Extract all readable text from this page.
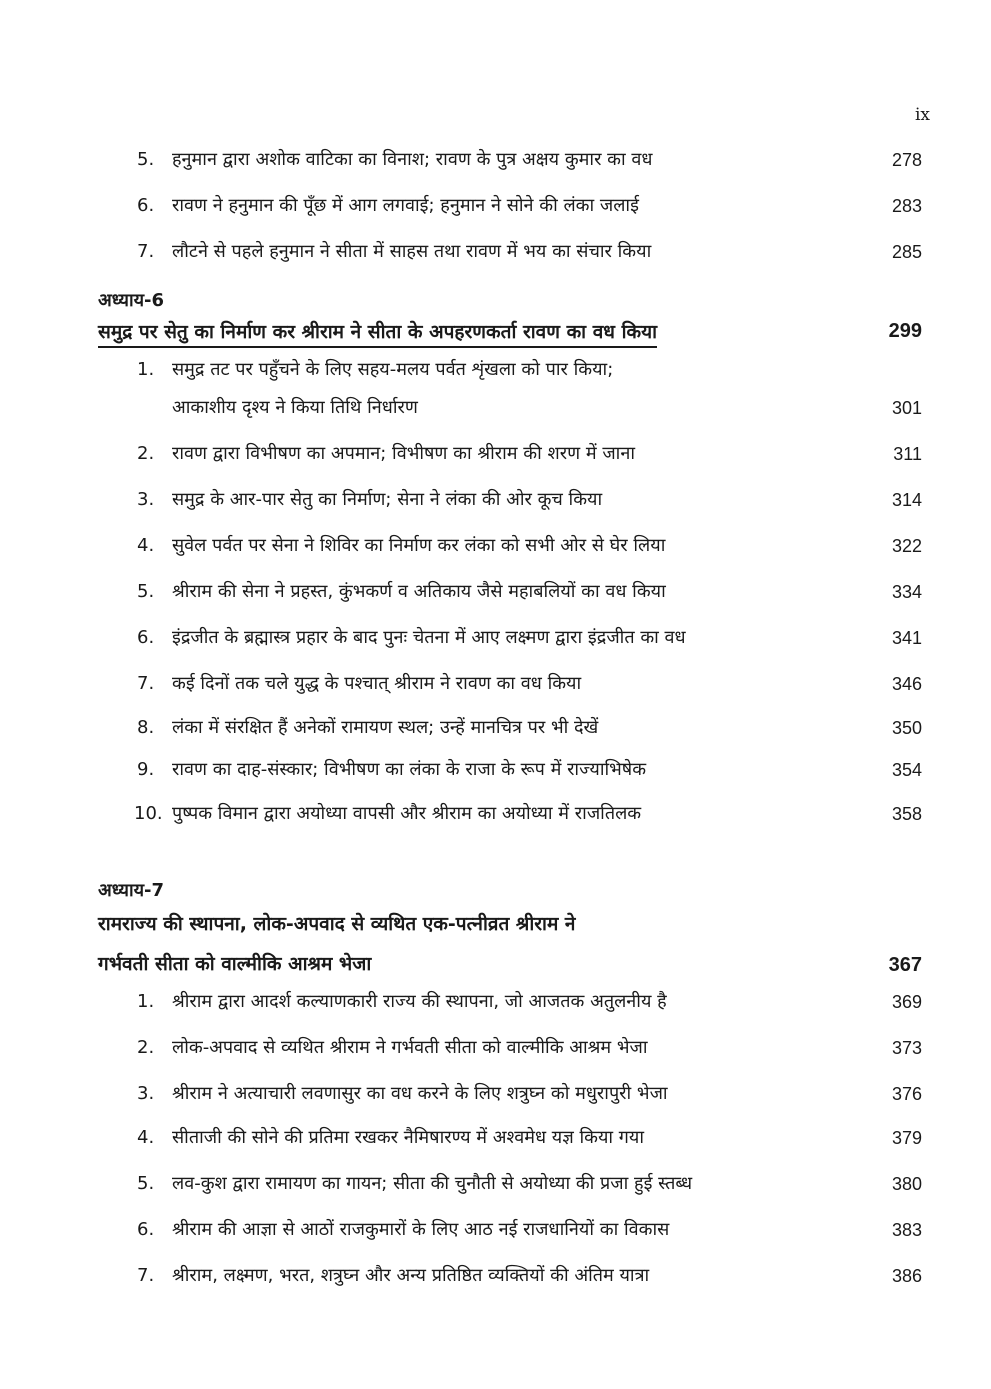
ix
5. हनुमान द्वारा अशोक वाटिका का विनाश; रावण के पुत्र अक्षय कुमार का वध	278
6. रावण ने हनुमान की पूँछ में आग लगवाई; हनुमान ने सोने की लंका जलाई	283
7. लौटने से पहले हनुमान ने सीता में साहस तथा रावण में भय का संचार किया	285
अध्याय-6
समुद्र पर सेतु का निर्माण कर श्रीराम ने सीता के अपहरणकर्ता रावण का वध किया	299
1. समुद्र तट पर पहुँचने के लिए सहय-मलय पर्वत शृंखला को पार किया;
आकाशीय दृश्य ने किया तिथि निर्धारण	301
2. रावण द्वारा विभीषण का अपमान; विभीषण का श्रीराम की शरण में जाना	311
3. समुद्र के आर-पार सेतु का निर्माण; सेना ने लंका की ओर कूच किया	314
4. सुवेल पर्वत पर सेना ने शिविर का निर्माण कर लंका को सभी ओर से घेर लिया	322
5. श्रीराम की सेना ने प्रहस्त, कुंभकर्ण व अतिकाय जैसे महाबलियों का वध किया	334
6. इंद्रजीत के ब्रह्मास्त्र प्रहार के बाद पुनः चेतना में आए लक्ष्मण द्वारा इंद्रजीत का वध	341
7. कई दिनों तक चले युद्ध के पश्चात् श्रीराम ने रावण का वध किया	346
8. लंका में संरक्षित हैं अनेकों रामायण स्थल; उन्हें मानचित्र पर भी देखें	350
9. रावण का दाह-संस्कार; विभीषण का लंका के राजा के रूप में राज्याभिषेक	354
10. पुष्पक विमान द्वारा अयोध्या वापसी और श्रीराम का अयोध्या में राजतिलक	358
अध्याय-7
रामराज्य की स्थापना, लोक-अपवाद से व्यथित एक-पत्नीव्रत श्रीराम ने
गर्भवती सीता को वाल्मीकि आश्रम भेजा	367
1. श्रीराम द्वारा आदर्श कल्याणकारी राज्य की स्थापना, जो आजतक अतुलनीय है	369
2. लोक-अपवाद से व्यथित श्रीराम ने गर्भवती सीता को वाल्मीकि आश्रम भेजा	373
3. श्रीराम ने अत्याचारी लवणासुर का वध करने के लिए शत्रुघ्न को मधुरापुरी भेजा	376
4. सीताजी की सोने की प्रतिमा रखकर नैमिषारण्य में अश्वमेध यज्ञ किया गया	379
5. लव-कुश द्वारा रामायण का गायन; सीता की चुनौती से अयोध्या की प्रजा हुई स्तब्ध	380
6. श्रीराम की आज्ञा से आठों राजकुमारों के लिए आठ नई राजधानियों का विकास	383
7. श्रीराम, लक्ष्मण, भरत, शत्रुघ्न और अन्य प्रतिष्ठित व्यक्तियों की अंतिम यात्रा	386
